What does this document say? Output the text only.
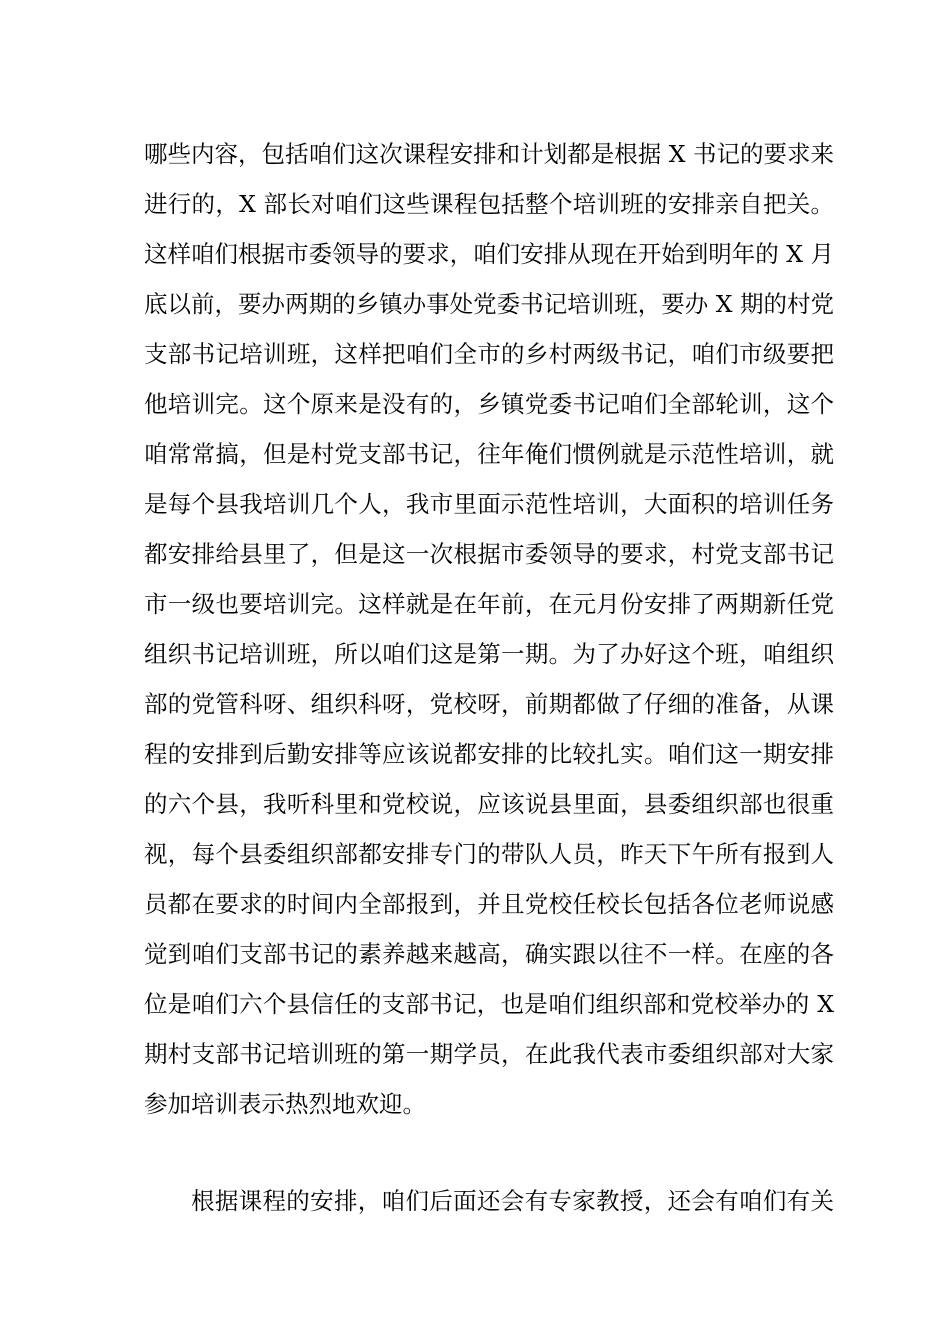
哪些内容，包括咱们这次课程安排和计划都是根据 X 书记的要求来
进行的，X 部长对咱们这些课程包括整个培训班的安排亲自把关。
这样咱们根据市委领导的要求，咱们安排从现在开始到明年的 X 月
底以前，要办两期的乡镇办事处党委书记培训班，要办 X 期的村党
支部书记培训班，这样把咱们全市的乡村两级书记，咱们市级要把
他培训完。这个原来是没有的，乡镇党委书记咱们全部轮训，这个
咱常常搞，但是村党支部书记，往年俺们惯例就是示范性培训，就
是每个县我培训几个人，我市里面示范性培训，大面积的培训任务
都安排给县里了，但是这一次根据市委领导的要求，村党支部书记
市一级也要培训完。这样就是在年前，在元月份安排了两期新任党
组织书记培训班，所以咱们这是第一期。为了办好这个班，咱组织
部的党管科呀、组织科呀，党校呀，前期都做了仔细的准备，从课
程的安排到后勤安排等应该说都安排的比较扎实。咱们这一期安排
的六个县，我听科里和党校说，应该说县里面，县委组织部也很重
视，每个县委组织部都安排专门的带队人员，昨天下午所有报到人
员都在要求的时间内全部报到，并且党校任校长包括各位老师说感
觉到咱们支部书记的素养越来越高，确实跟以往不一样。在座的各
位是咱们六个县信任的支部书记，也是咱们组织部和党校举办的 X
期村支部书记培训班的第一期学员，在此我代表市委组织部对大家
参加培训表示热烈地欢迎。
根据课程的安排，咱们后面还会有专家教授，还会有咱们有关
